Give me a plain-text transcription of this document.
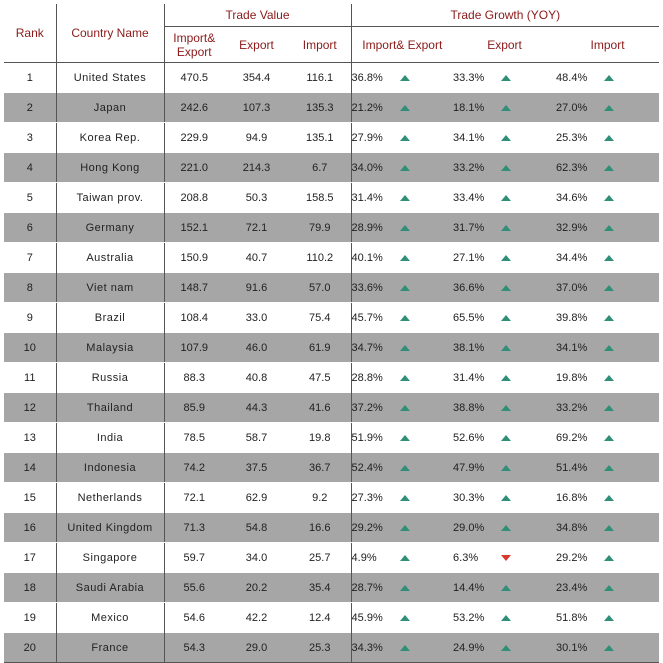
Rank	Country Name	Trade Value			Trade Growth (YOY)		
		Import& Export	Export	Import	Import& Export	Export	Import
1	United States	470.5	354.4	116.1	36.8%	33.3%	48.4%
2	Japan	242.6	107.3	135.3	21.2%	18.1%	27.0%
3	Korea Rep.	229.9	94.9	135.1	27.9%	34.1%	25.3%
4	Hong Kong	221.0	214.3	6.7	34.0%	33.2%	62.3%
5	Taiwan prov.	208.8	50.3	158.5	31.4%	33.4%	34.6%
6	Germany	152.1	72.1	79.9	28.9%	31.7%	32.9%
7	Australia	150.9	40.7	110.2	40.1%	27.1%	34.4%
8	Viet nam	148.7	91.6	57.0	33.6%	36.6%	37.0%
9	Brazil	108.4	33.0	75.4	45.7%	65.5%	39.8%
10	Malaysia	107.9	46.0	61.9	34.7%	38.1%	34.1%
11	Russia	88.3	40.8	47.5	28.8%	31.4%	19.8%
12	Thailand	85.9	44.3	41.6	37.2%	38.8%	33.2%
13	India	78.5	58.7	19.8	51.9%	52.6%	69.2%
14	Indonesia	74.2	37.5	36.7	52.4%	47.9%	51.4%
15	Netherlands	72.1	62.9	9.2	27.3%	30.3%	16.8%
16	United Kingdom	71.3	54.8	16.6	29.2%	29.0%	34.8%
17	Singapore	59.7	34.0	25.7	4.9%	6.3%	29.2%
18	Saudi Arabia	55.6	20.2	35.4	28.7%	14.4%	23.4%
19	Mexico	54.6	42.2	12.4	45.9%	53.2%	51.8%
20	France	54.3	29.0	25.3	34.3%	24.9%	30.1%
